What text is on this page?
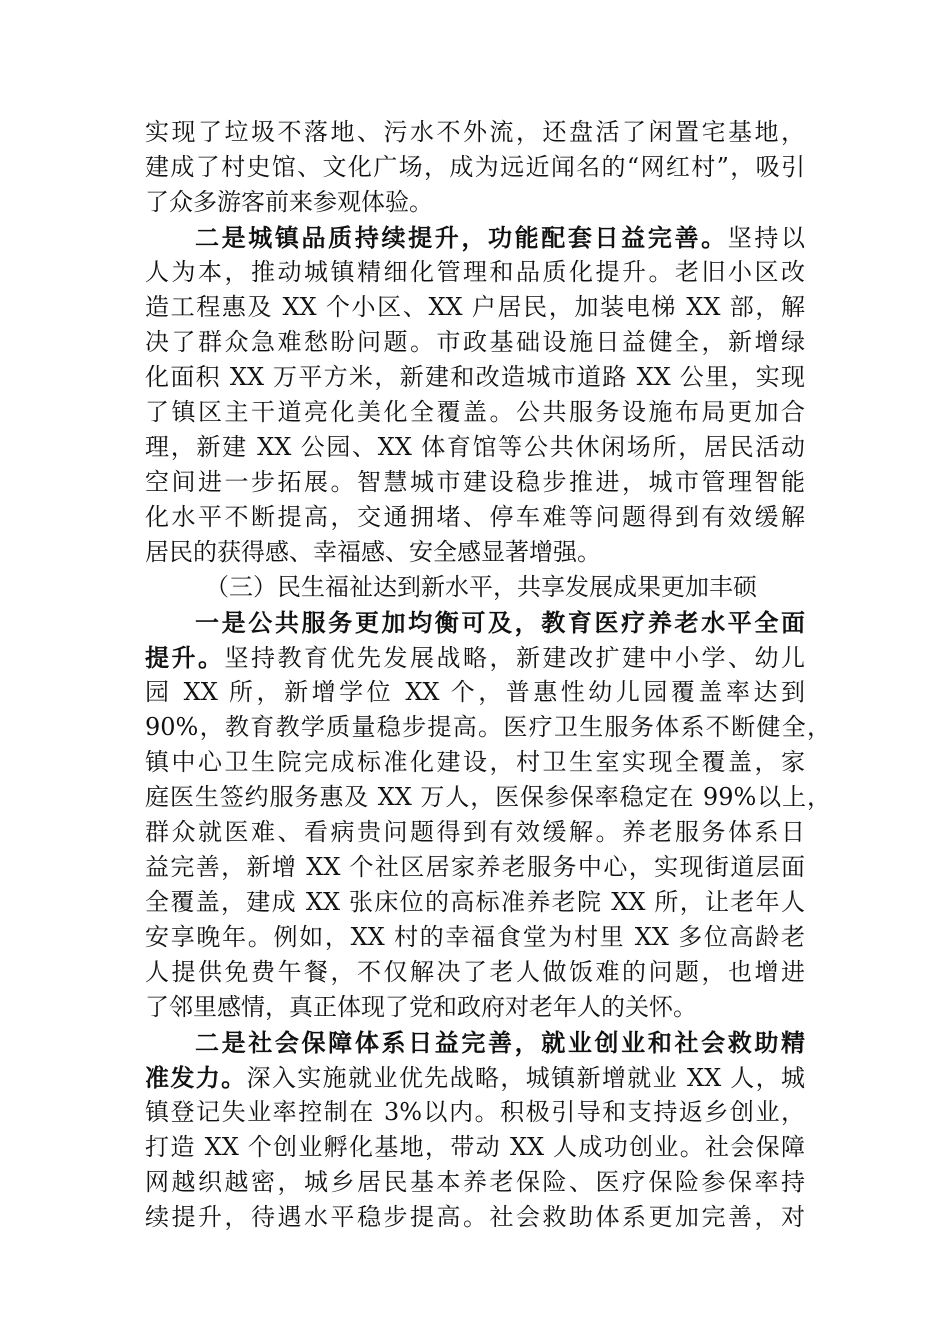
实现了垃圾不落地、污水不外流，还盘活了闲置宅基地，
建成了村史馆、文化广场，成为远近闻名的“网红村”，吸引
了众多游客前来参观体验。
二是城镇品质持续提升，功能配套日益完善。坚持以
人为本，推动城镇精细化管理和品质化提升。老旧小区改
造工程惠及 XX 个小区、XX 户居民，加装电梯 XX 部，解
决了群众急难愁盼问题。市政基础设施日益健全，新增绿
化面积 XX 万平方米，新建和改造城市道路 XX 公里，实现
了镇区主干道亮化美化全覆盖。公共服务设施布局更加合
理，新建 XX 公园、XX 体育馆等公共休闲场所，居民活动
空间进一步拓展。智慧城市建设稳步推进，城市管理智能
化水平不断提高，交通拥堵、停车难等问题得到有效缓解
居民的获得感、幸福感、安全感显著增强。
（三）民生福祉达到新水平，共享发展成果更加丰硕
一是公共服务更加均衡可及，教育医疗养老水平全面
提升。坚持教育优先发展战略，新建改扩建中小学、幼儿
园 XX 所，新增学位 XX 个，普惠性幼儿园覆盖率达到
90%，教育教学质量稳步提高。医疗卫生服务体系不断健全，
镇中心卫生院完成标准化建设，村卫生室实现全覆盖，家
庭医生签约服务惠及 XX 万人，医保参保率稳定在 99%以上，
群众就医难、看病贵问题得到有效缓解。养老服务体系日
益完善，新增 XX 个社区居家养老服务中心，实现街道层面
全覆盖，建成 XX 张床位的高标准养老院 XX 所，让老年人
安享晚年。例如，XX 村的幸福食堂为村里 XX 多位高龄老
人提供免费午餐，不仅解决了老人做饭难的问题，也增进
了邻里感情，真正体现了党和政府对老年人的关怀。
二是社会保障体系日益完善，就业创业和社会救助精
准发力。深入实施就业优先战略，城镇新增就业 XX 人，城
镇登记失业率控制在 3%以内。积极引导和支持返乡创业，
打造 XX 个创业孵化基地，带动 XX 人成功创业。社会保障
网越织越密，城乡居民基本养老保险、医疗保险参保率持
续提升，待遇水平稳步提高。社会救助体系更加完善，对
